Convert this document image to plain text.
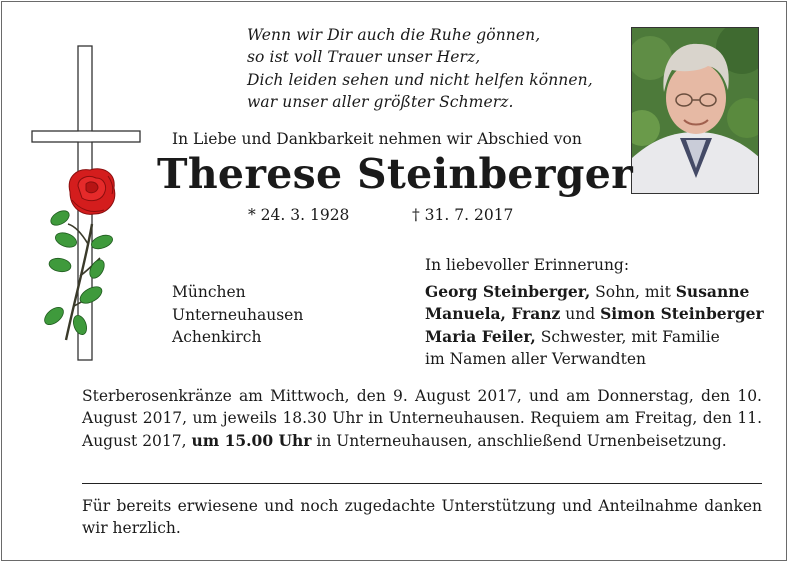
Wenn wir Dir auch die Ruhe gönnen,
so ist voll Trauer unser Herz,
Dich leiden sehen und nicht helfen können,
war unser aller größter Schmerz.
In Liebe und Dankbarkeit nehmen wir Abschied von
Therese Steinberger
* 24. 3. 1928	† 31. 7. 2017
München
Unterneuhausen
Achenkirch
In liebevoller Erinnerung:
Georg Steinberger, Sohn, mit Susanne
Manuela, Franz und Simon Steinberger
Maria Feiler, Schwester, mit Familie
im Namen aller Verwandten
Sterberosenkränze am Mittwoch, den 9. August 2017, und am Donnerstag, den 10. August 2017, um jeweils 18.30 Uhr in Unterneuhausen. Requiem am Freitag, den 11. August 2017, um 15.00 Uhr in Unterneuhausen, anschließend Urnenbeisetzung.
Für bereits erwiesene und noch zugedachte Unterstützung und Anteilnahme danken wir herzlich.
